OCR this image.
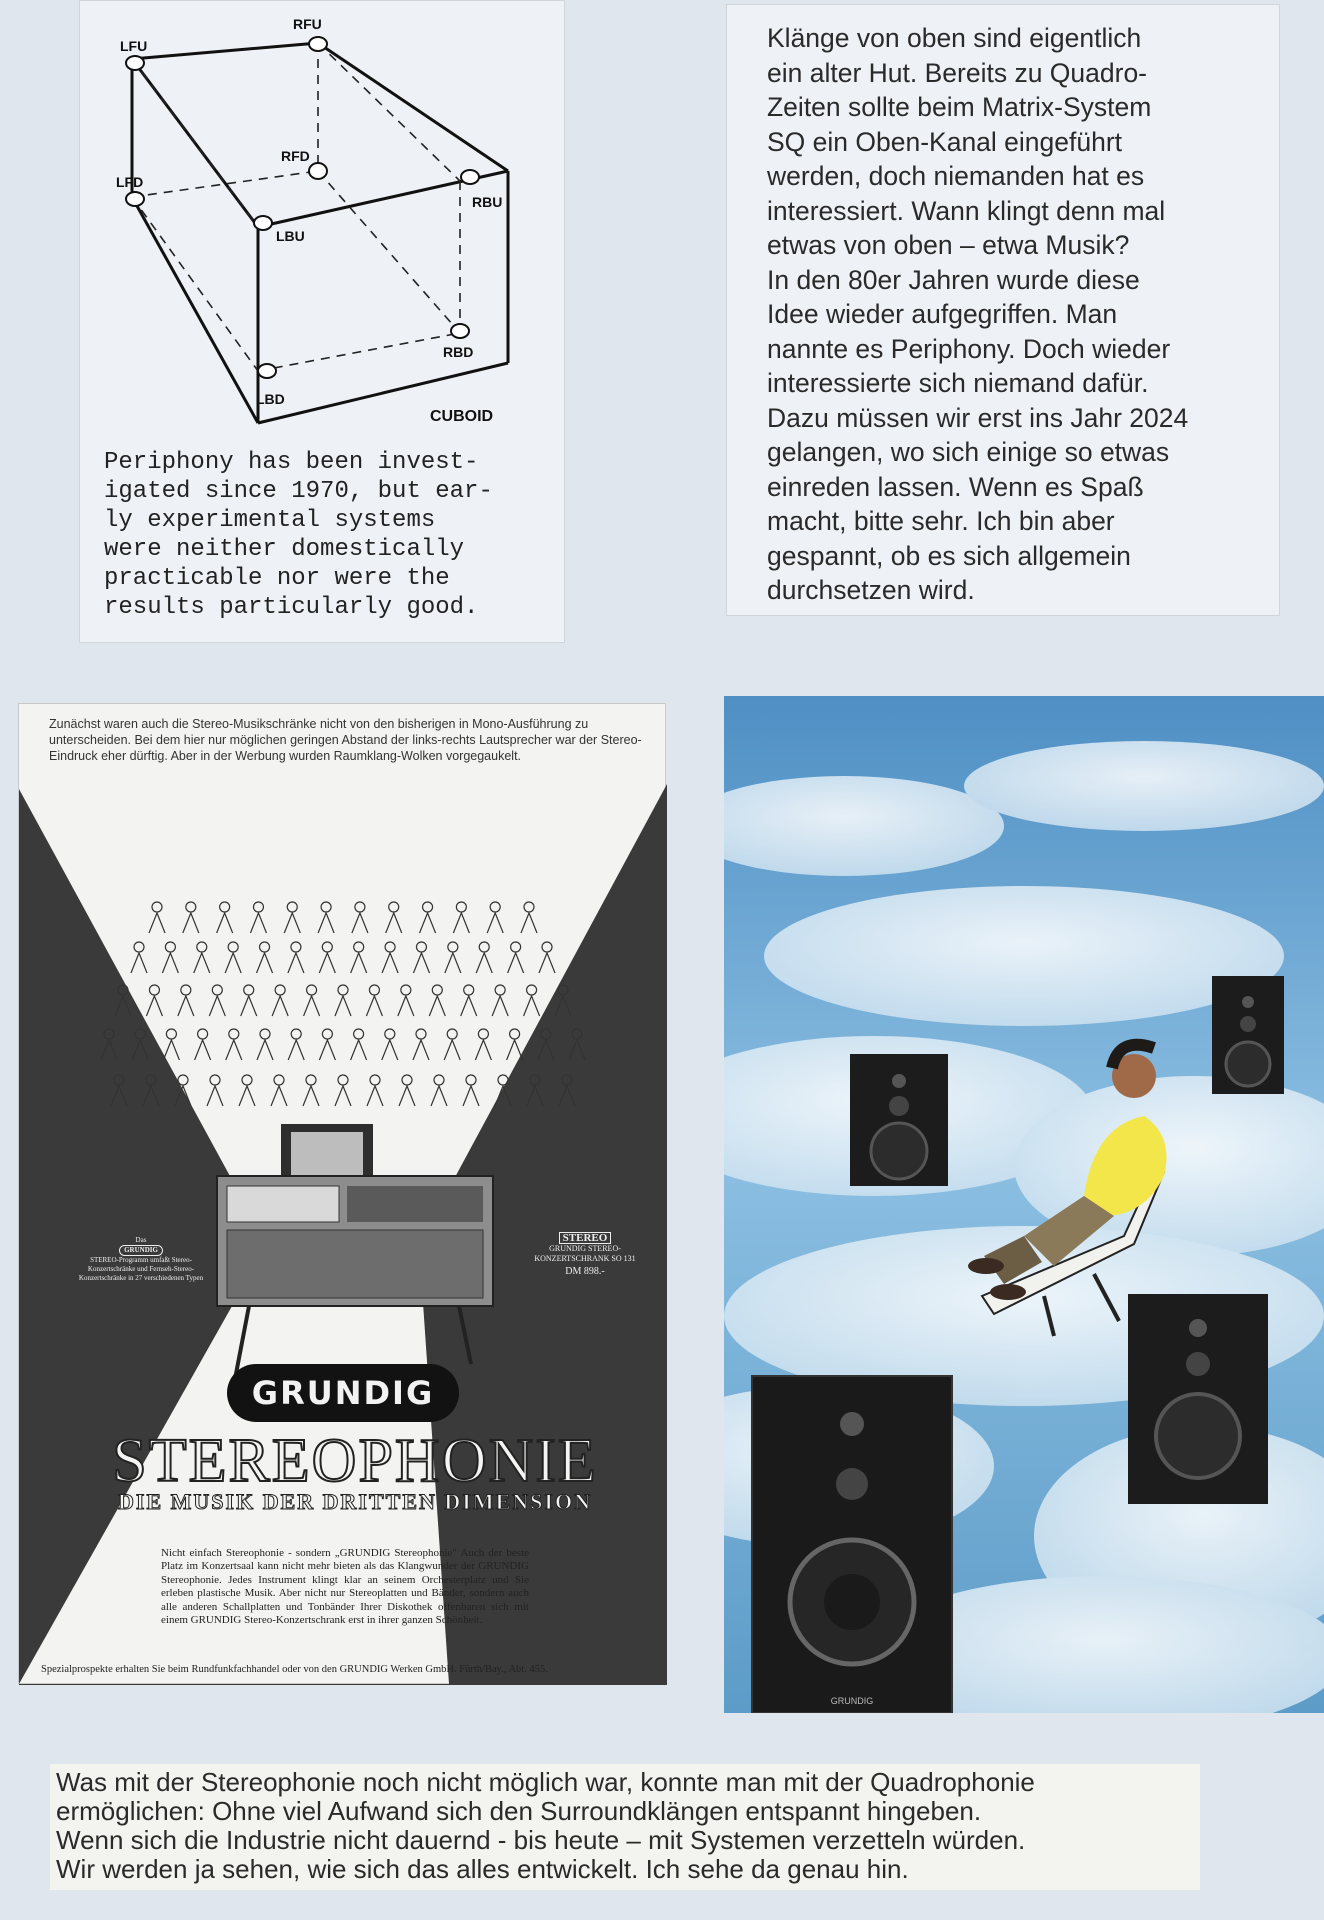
LFU
RFU
RFD
LFD
RBU
LBU
RBD
LBD
CUBOID
Periphony has been invest-
igated since 1970, but ear-
ly experimental systems
were neither domestically
practicable nor were the
results particularly good.
Klänge von oben sind eigentlich
ein alter Hut. Bereits zu Quadro-
Zeiten sollte beim Matrix-System
SQ ein Oben-Kanal eingeführt
werden, doch niemanden hat es
interessiert. Wann klingt denn mal
etwas von oben – etwa Musik?
In den 80er Jahren wurde diese
Idee wieder aufgegriffen. Man
nannte es Periphony. Doch wieder
interessierte sich niemand dafür.
Dazu müssen wir erst ins Jahr 2024
gelangen, wo sich einige so etwas
einreden lassen. Wenn es Spaß
macht, bitte sehr. Ich bin aber
gespannt, ob es sich allgemein
durchsetzen wird.
Zunächst waren auch die Stereo-Musikschränke nicht von den bisherigen in Mono-Ausführung zu unterscheiden. Bei dem hier nur möglichen geringen Abstand der links-rechts Lautsprecher war der Stereo-Eindruck eher dürftig. Aber in der Werbung wurden Raumklang-Wolken vorgegaukelt.
Das
GRUNDIG
STEREO-Programm umfaßt Stereo-Konzertschränke und Fernseh-Stereo-Konzertschränke in 27 verschiedenen Typen
STEREO
GRUNDIG STEREO-KONZERTSCHRANK SO 131
DM 898.-
GRUNDIG
STEREOPHONIE
DIE MUSIK DER DRITTEN DIMENSION
Nicht einfach Stereophonie - sondern „GRUNDIG Stereophonie" Auch der beste Platz im Konzertsaal kann nicht mehr bieten als das Klangwunder der GRUNDIG Stereophonie. Jedes Instrument klingt klar an seinem Orchesterplatz und Sie erleben plastische Musik. Aber nicht nur Stereoplatten und Bänder, sondern auch alle anderen Schallplatten und Tonbänder Ihrer Diskothek offenbaren sich mit einem GRUNDIG Stereo-Konzertschrank erst in ihrer ganzen Schönheit.
Spezialprospekte erhalten Sie beim Rundfunkfachhandel oder von den GRUNDIG Werken GmbH. Fürth/Bay., Abt. 455.
GRUNDIG
Was mit der Stereophonie noch nicht möglich war, konnte man mit der Quadrophonie
ermöglichen: Ohne viel Aufwand sich den Surroundklängen entspannt hingeben.
Wenn sich die Industrie nicht dauernd - bis heute – mit Systemen verzetteln würden.
Wir werden ja sehen, wie sich das alles entwickelt. Ich sehe da genau hin.
